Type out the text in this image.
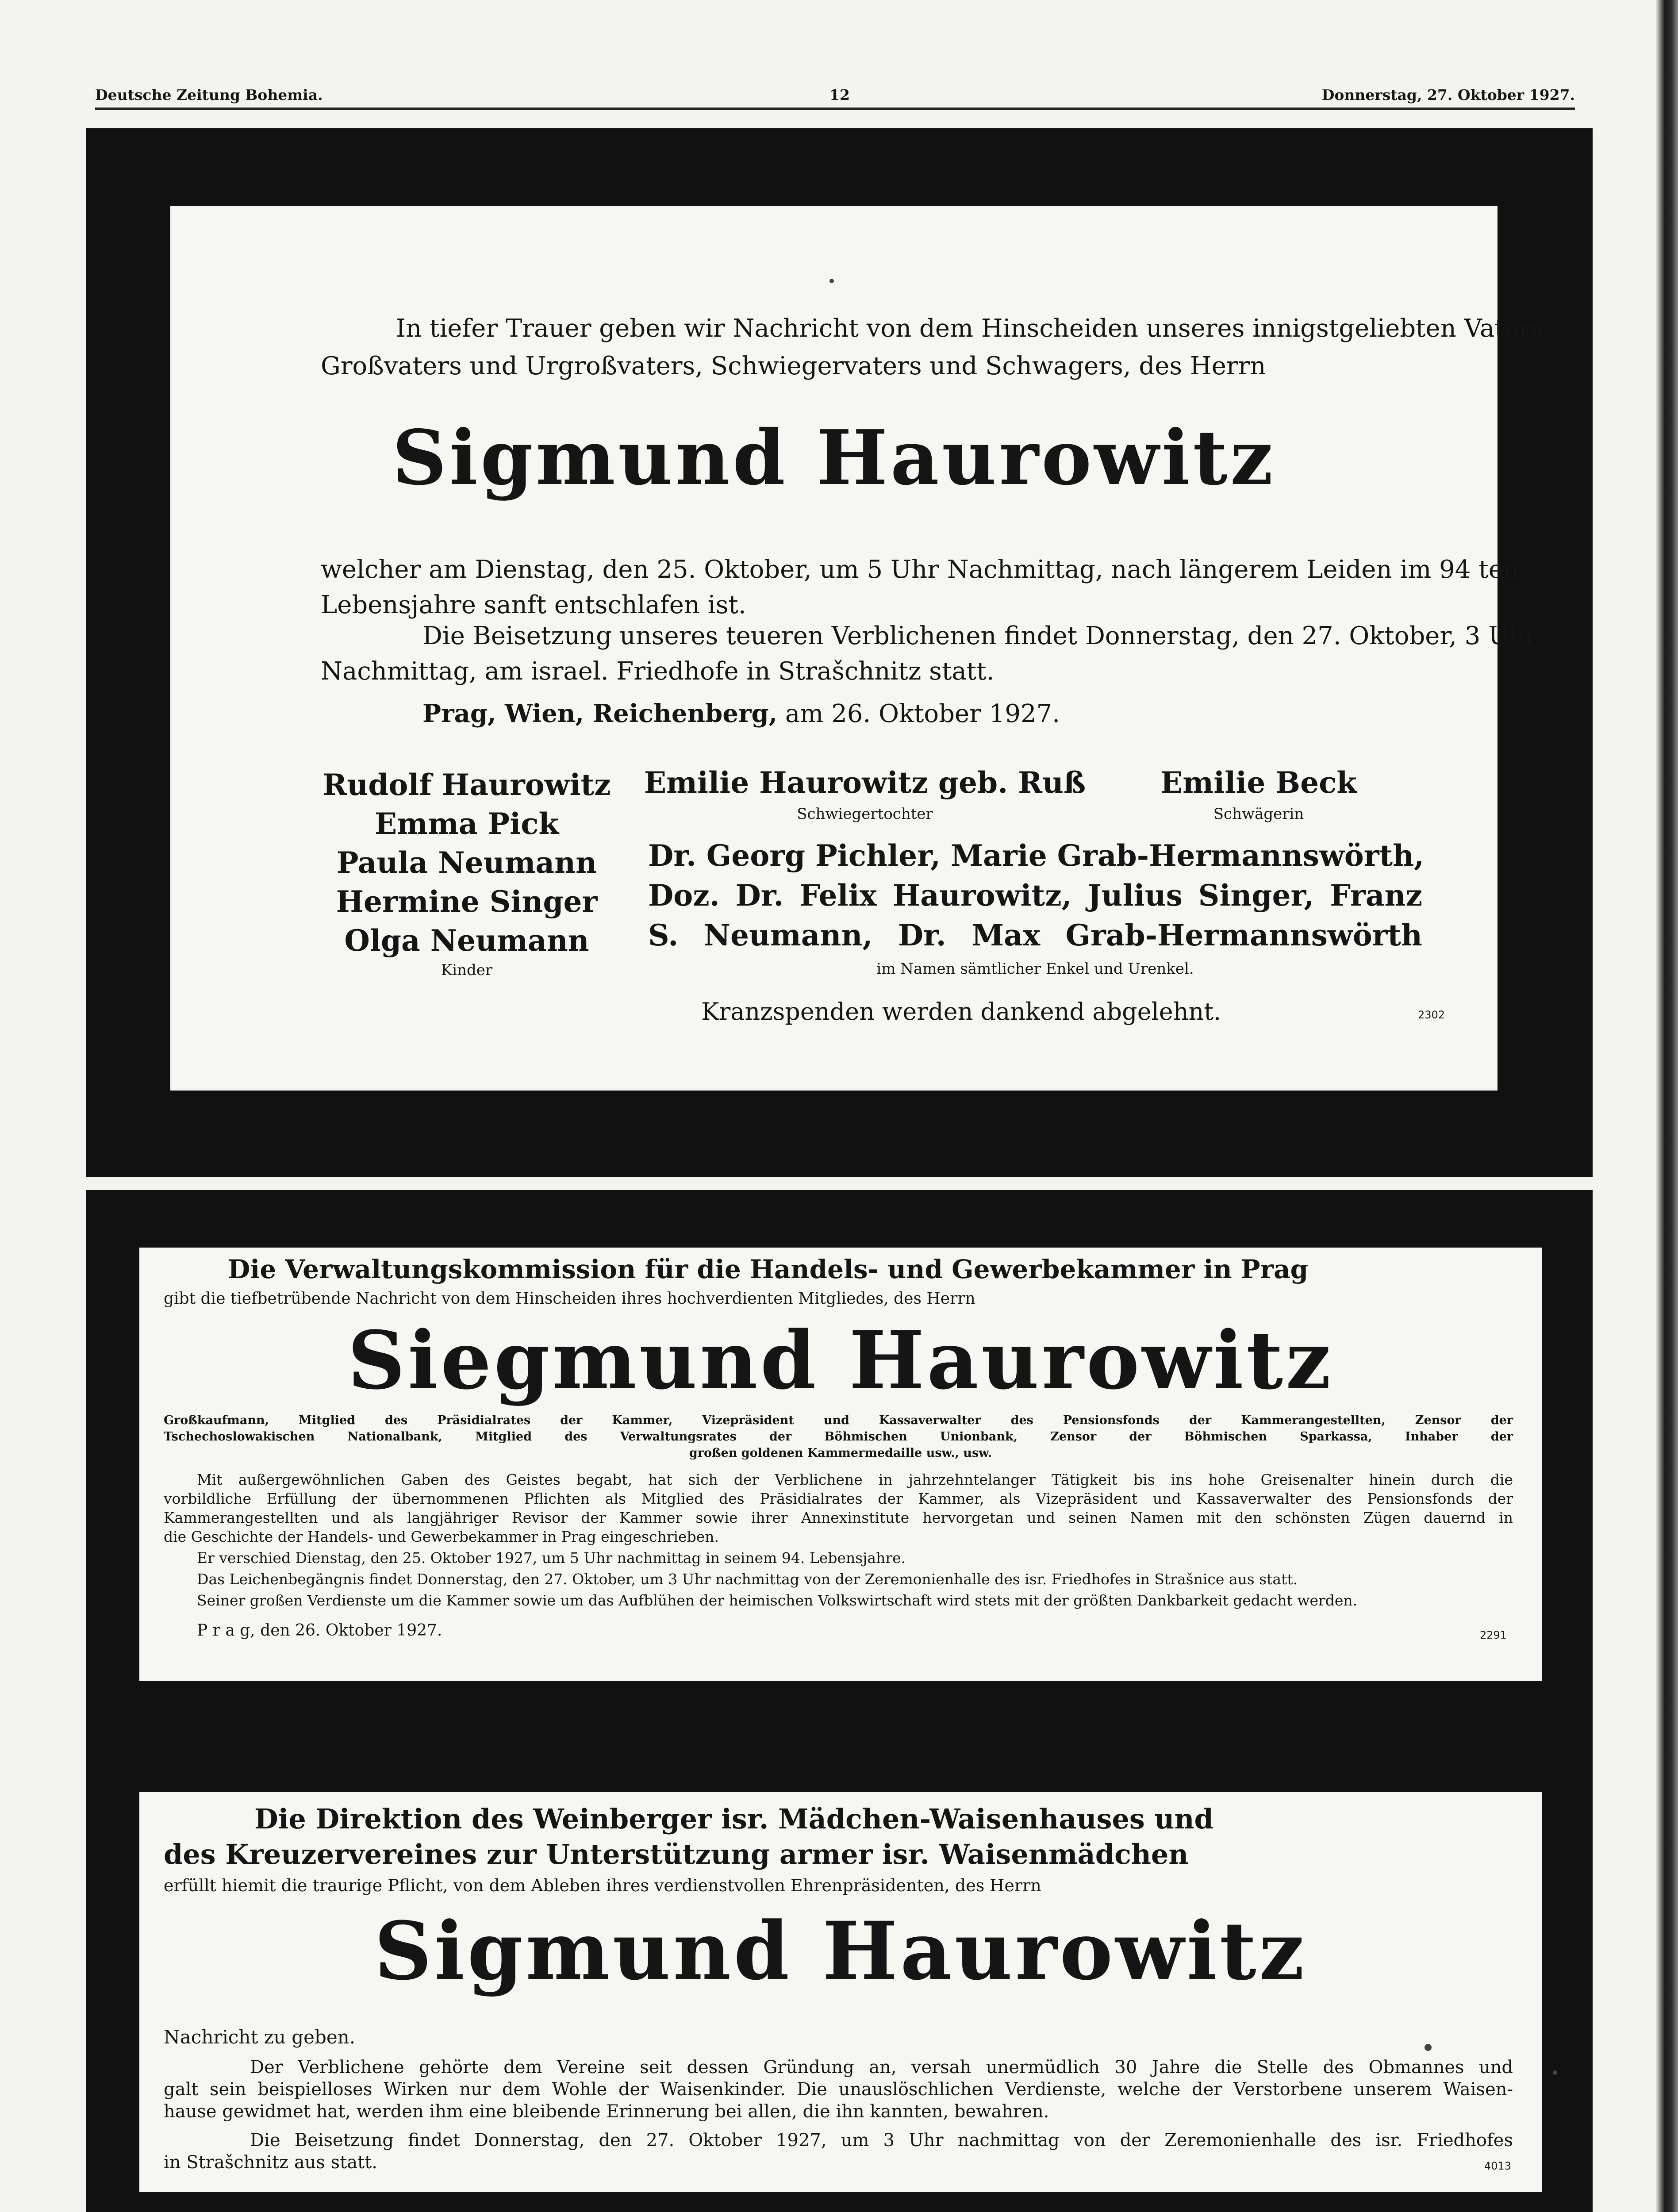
Deutsche Zeitung Bohemia.	12	Donnerstag, 27. Oktober 1927.
In tiefer Trauer geben wir Nachricht von dem Hinscheiden unseres innigstgeliebten Vaters,
Großvaters und Urgroßvaters, Schwiegervaters und Schwagers, des Herrn
Sigmund Haurowitz
welcher am Dienstag, den 25. Oktober, um 5 Uhr Nachmittag, nach längerem Leiden im 94 ten
Lebensjahre sanft entschlafen ist.
Die Beisetzung unseres teueren Verblichenen findet Donnerstag, den 27. Oktober, 3 Uhr
Nachmittag, am israel. Friedhofe in Strašchnitz statt.
Prag, Wien, Reichenberg, am 26. Oktober 1927.
Rudolf Haurowitz
Emma Pick
Paula Neumann
Hermine Singer
Olga Neumann
Kinder
Emilie Haurowitz geb. Ruß
Schwiegertochter
Emilie Beck
Schwägerin
Dr. Georg Pichler, Marie Grab-Hermannswörth,
Doz. Dr. Felix Haurowitz, Julius Singer, Franz
S. Neumann, Dr. Max Grab-Hermannswörth
im Namen sämtlicher Enkel und Urenkel.
Kranzspenden werden dankend abgelehnt.	2302
Die Verwaltungskommission für die Handels- und Gewerbekammer in Prag
gibt die tiefbetrübende Nachricht von dem Hinscheiden ihres hochverdienten Mitgliedes, des Herrn
Siegmund Haurowitz
Großkaufmann, Mitglied des Präsidialrates der Kammer, Vizepräsident und Kassaverwalter des Pensionsfonds der Kammerangestellten, Zensor der
Tschechoslowakischen Nationalbank, Mitglied des Verwaltungsrates der Böhmischen Unionbank, Zensor der Böhmischen Sparkassa, Inhaber der
großen goldenen Kammermedaille usw., usw.
Mit außergewöhnlichen Gaben des Geistes begabt, hat sich der Verblichene in jahrzehntelanger Tätigkeit bis ins hohe Greisenalter hinein durch die
vorbildliche Erfüllung der übernommenen Pflichten als Mitglied des Präsidialrates der Kammer, als Vizepräsident und Kassaverwalter des Pensionsfonds der
Kammerangestellten und als langjähriger Revisor der Kammer sowie ihrer Annexinstitute hervorgetan und seinen Namen mit den schönsten Zügen dauernd in
die Geschichte der Handels- und Gewerbekammer in Prag eingeschrieben.
Er verschied Dienstag, den 25. Oktober 1927, um 5 Uhr nachmittag in seinem 94. Lebensjahre.
Das Leichenbegängnis findet Donnerstag, den 27. Oktober, um 3 Uhr nachmittag von der Zeremonienhalle des isr. Friedhofes in Strašnice aus statt.
Seiner großen Verdienste um die Kammer sowie um das Aufblühen der heimischen Volkswirtschaft wird stets mit der größten Dankbarkeit gedacht werden.
P r a g, den 26. Oktober 1927.	2291
Die Direktion des Weinberger isr. Mädchen-Waisenhauses und
des Kreuzervereines zur Unterstützung armer isr. Waisenmädchen
erfüllt hiemit die traurige Pflicht, von dem Ableben ihres verdienstvollen Ehrenpräsidenten, des Herrn
Sigmund Haurowitz
Nachricht zu geben.
Der Verblichene gehörte dem Vereine seit dessen Gründung an, versah unermüdlich 30 Jahre die Stelle des Obmannes und
galt sein beispielloses Wirken nur dem Wohle der Waisenkinder. Die unauslöschlichen Verdienste, welche der Verstorbene unserem Waisen-
hause gewidmet hat, werden ihm eine bleibende Erinnerung bei allen, die ihn kannten, bewahren.
Die Beisetzung findet Donnerstag, den 27. Oktober 1927, um 3 Uhr nachmittag von der Zeremonienhalle des isr. Friedhofes
in Strašchnitz aus statt.	4013
